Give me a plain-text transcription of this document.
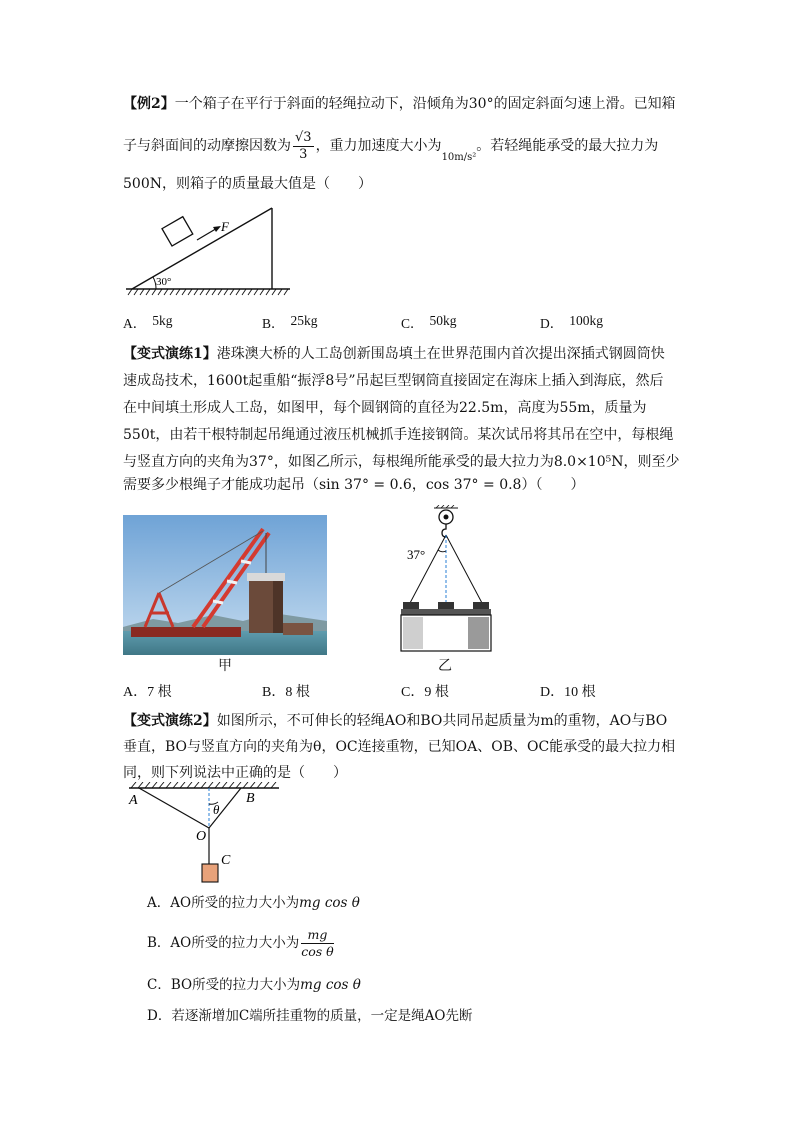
【例2】一个箱子在平行于斜面的轻绳拉动下，沿倾角为30°的固定斜面匀速上滑。已知箱
子与斜面间的动摩擦因数为 $\frac{√3}{3}$ ，重力加速度大小为$_{10m/s^2}$。若轻绳能承受的最大拉力为
500N，则箱子的质量最大值是（　　）
F
30°
A． 5kg	B． 25kg	C． 50kg	D． 100kg
【变式演练1】港珠澳大桥的人工岛创新围岛填土在世界范围内首次提出深插式钢圆筒快
速成岛技术，1600t起重船“振浮8号”吊起巨型钢筒直接固定在海床上插入到海底，然后
在中间填土形成人工岛，如图甲，每个圆钢筒的直径为22.5m，高度为55m，质量为
550t，由若干根特制起吊绳通过液压机械抓手连接钢筒。某次试吊将其吊在空中，每根绳
与竖直方向的夹角为37°，如图乙所示，每根绳所能承受的最大拉力为8.0×10⁵N，则至少
需要多少根绳子才能成功起吊（sin 37° = 0.6，cos 37° = 0.8）（　　）
甲
37°
乙
A．7 根	B．8 根	C．9 根	D．10 根
【变式演练2】如图所示，不可伸长的轻绳AO和BO共同吊起质量为m的重物，AO与BO
垂直，BO与竖直方向的夹角为θ，OC连接重物，已知OA、OB、OC能承受的最大拉力相
同，则下列说法中正确的是（　　）
θ
A	B
O
C
A．AO所受的拉力大小为mg cos θ
B．AO所受的拉力大小为 $\frac{mg}{\text{cos θ}}$
C．BO所受的拉力大小为mg cos θ
D．若逐渐增加C端所挂重物的质量，一定是绳AO先断
